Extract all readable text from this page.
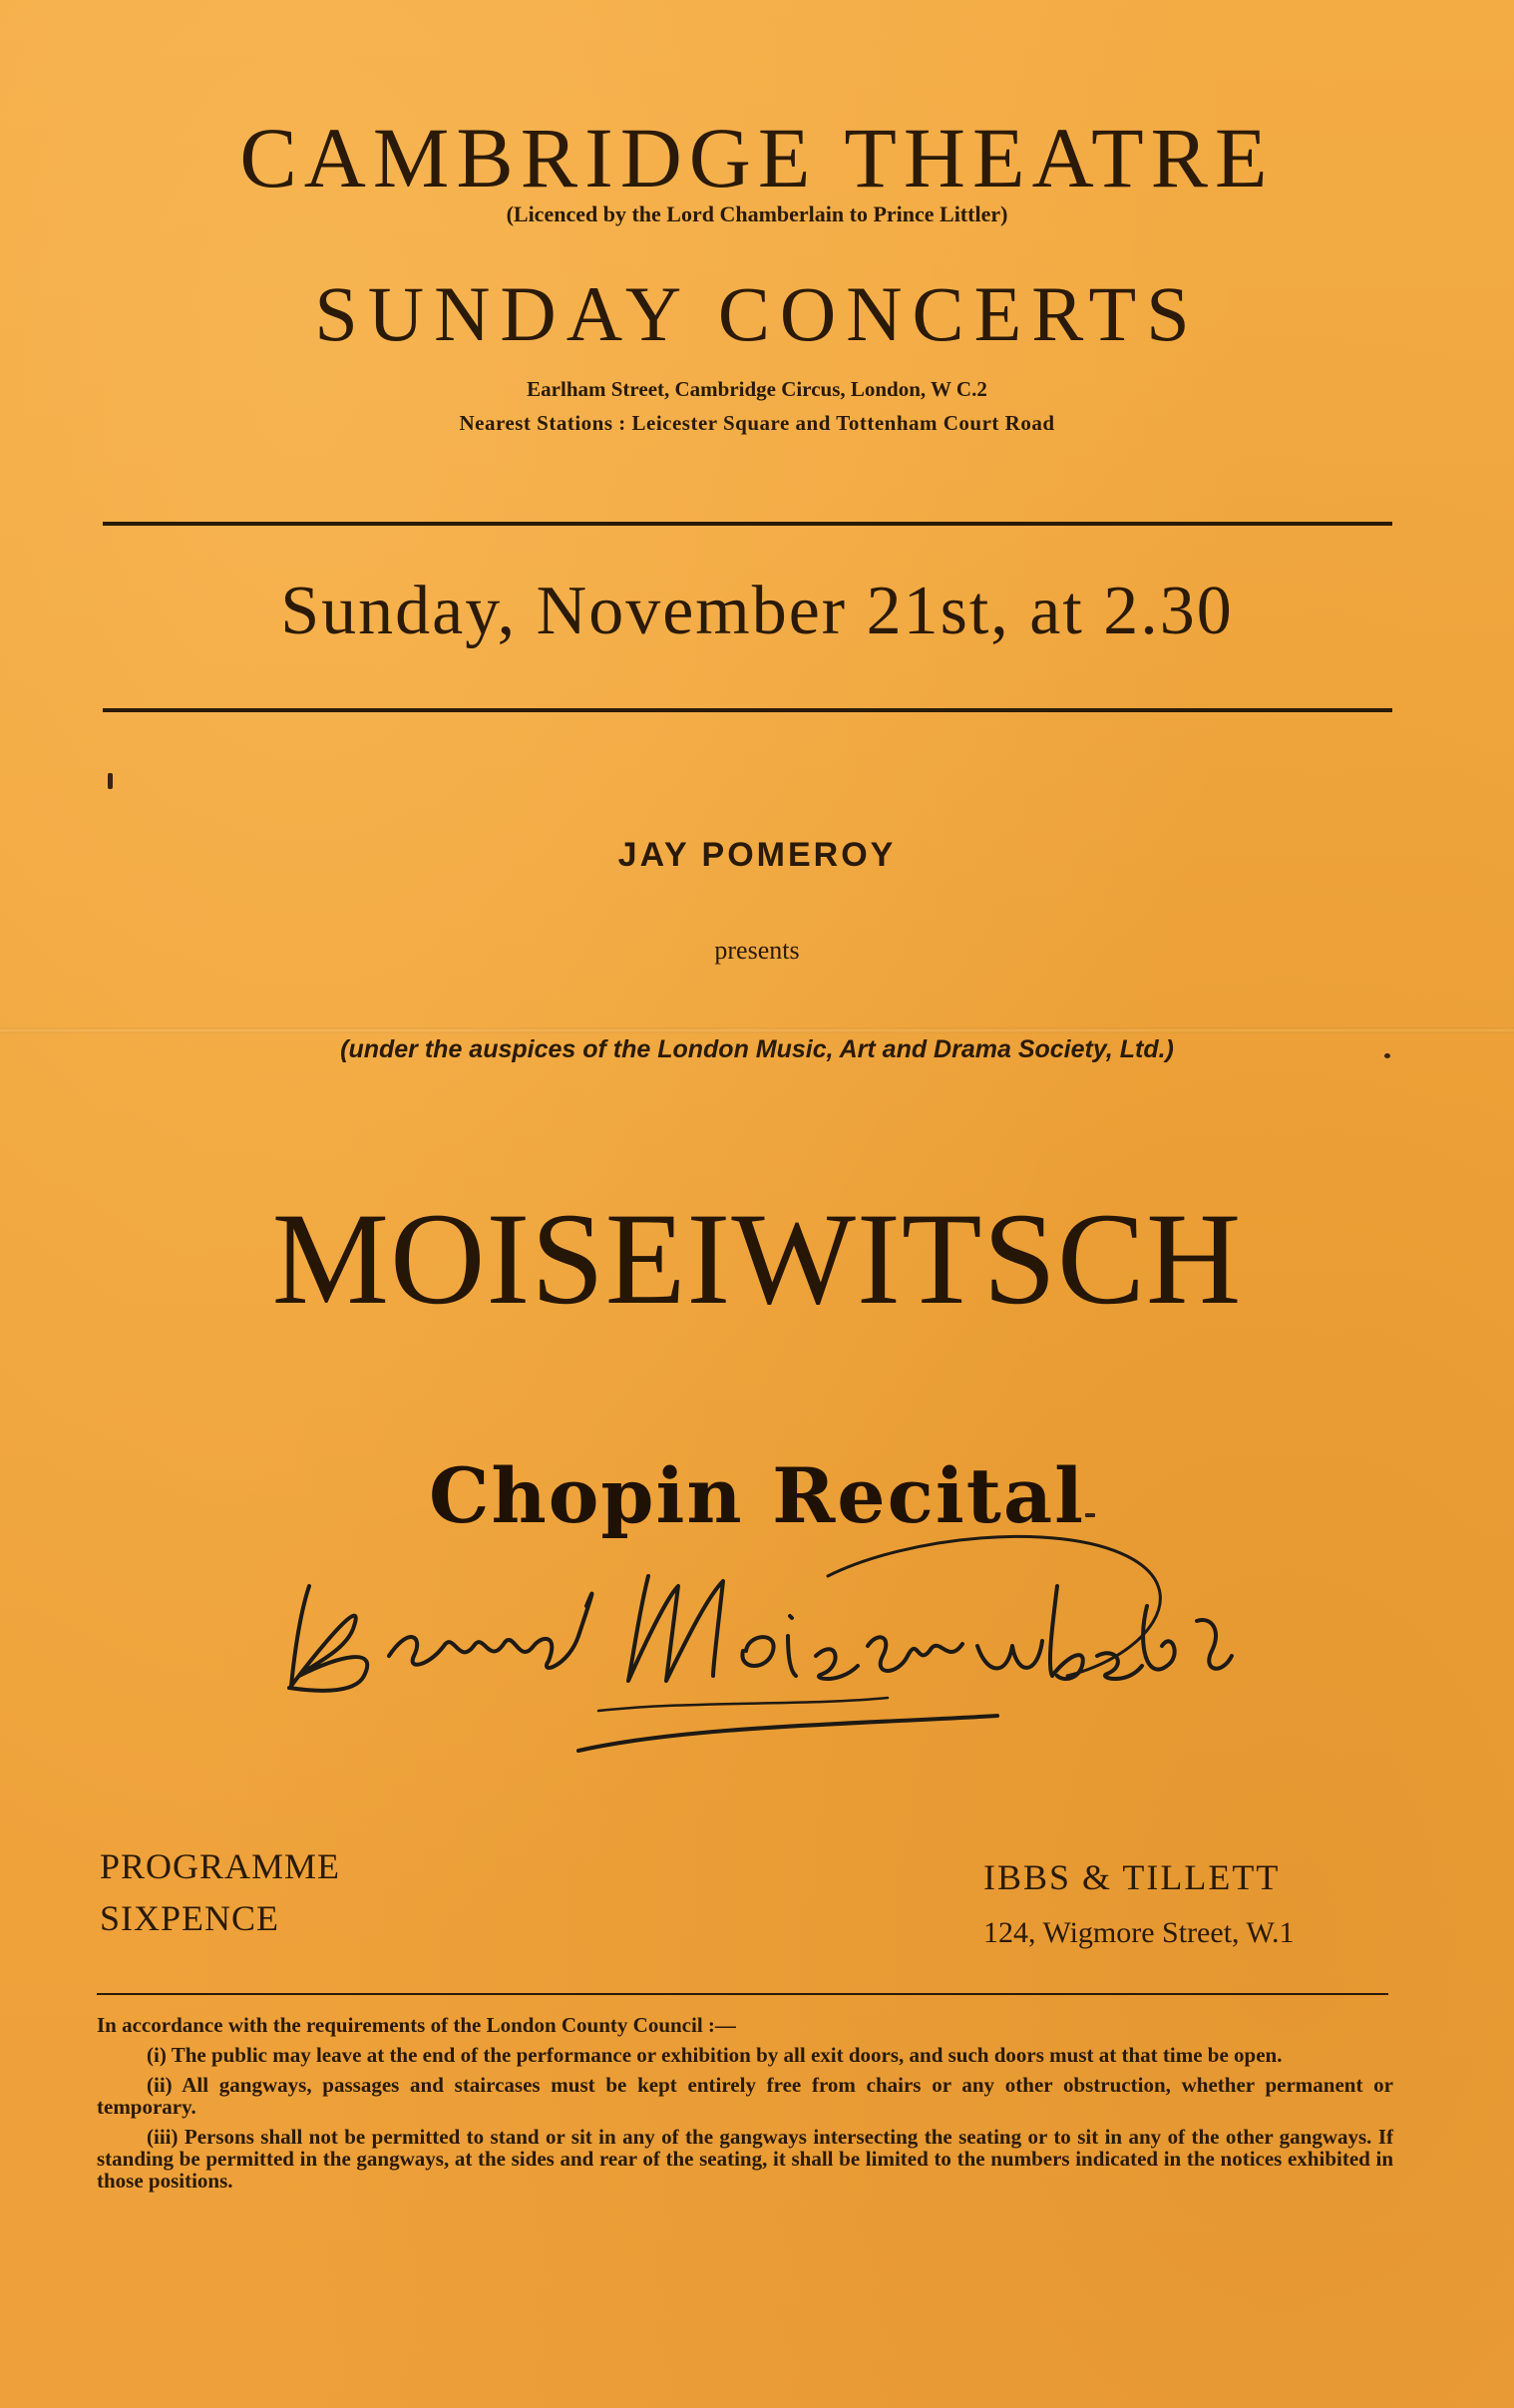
CAMBRIDGE THEATRE
(Licenced by the Lord Chamberlain to Prince Littler)
SUNDAY CONCERTS
Earlham Street, Cambridge Circus, London, W C.2
Nearest Stations : Leicester Square and Tottenham Court Road
Sunday, November 21st, at 2.30
JAY POMEROY
presents
(under the auspices of the London Music, Art and Drama Society, Ltd.)
MOISEIWITSCH
Chopin Recital
PROGRAMME
SIXPENCE
IBBS & TILLETT
124, Wigmore Street, W.1

In accordance with the requirements of the London County Council :—

(i) The public may leave at the end of the performance or exhibition by all exit doors, and such doors must at that time be open.

(ii) All gangways, passages and staircases must be kept entirely free from chairs or any other obstruction, whether permanent or temporary.

(iii) Persons shall not be permitted to stand or sit in any of the gangways intersecting the seating or to sit in any of the other gangways. If standing be permitted in the gangways, at the sides and rear of the seating, it shall be limited to the numbers indicated in the notices exhibited in those positions.
